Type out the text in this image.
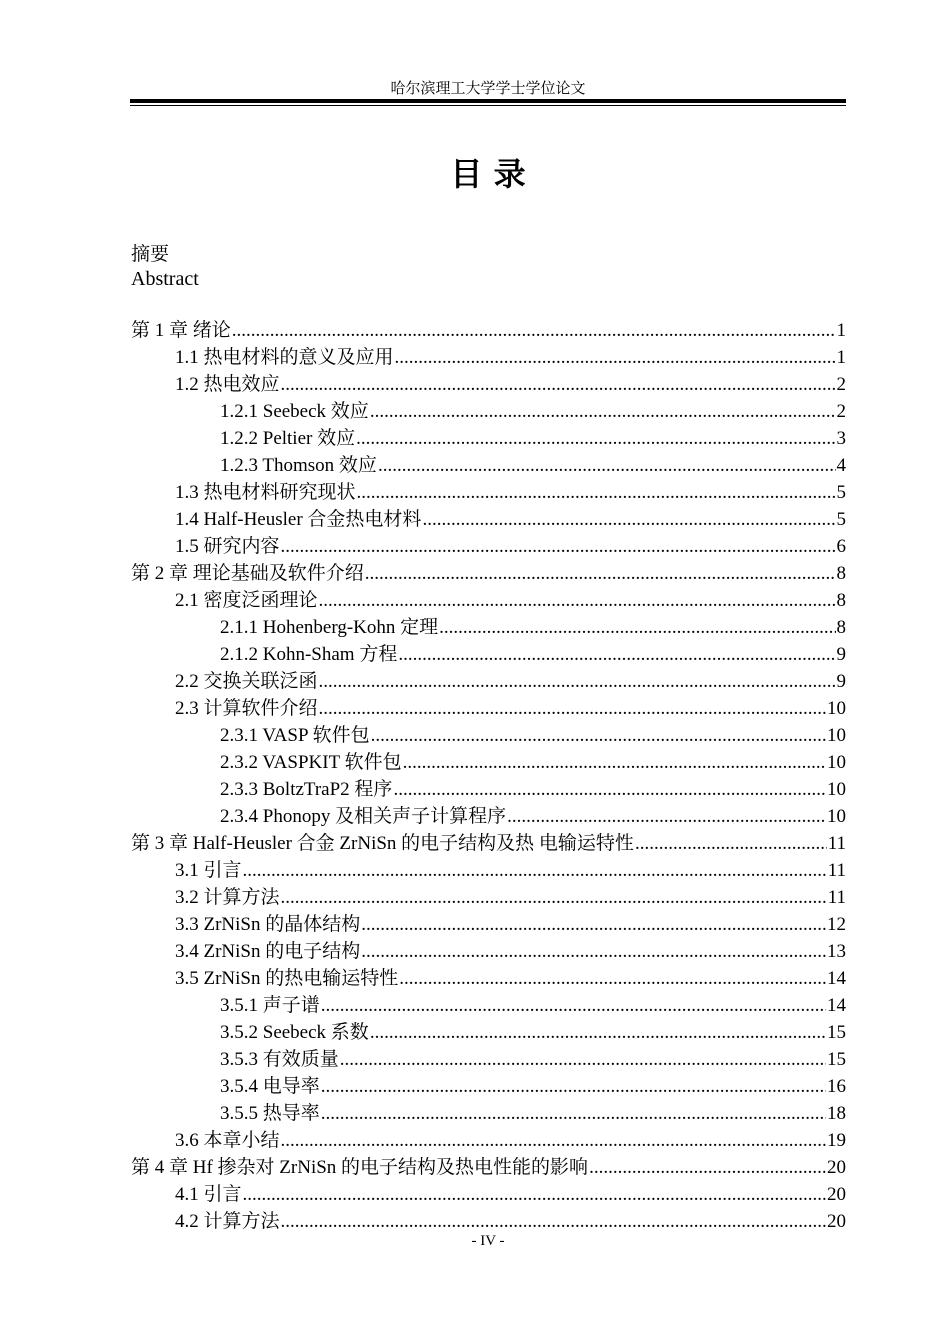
哈尔滨理工大学学士学位论文
目 录
摘要
Abstract
第 1 章 绪论 .....	1
1.1 热电材料的意义及应用 .....	1
1.2 热电效应 .....	2
1.2.1 Seebeck 效应 .....	2
1.2.2 Peltier 效应 .....	3
1.2.3 Thomson 效应 .....	4
1.3 热电材料研究现状 .....	5
1.4 Half-Heusler 合金热电材料 .....	5
1.5 研究内容 .....	6
第 2 章 理论基础及软件介绍 .....	8
2.1 密度泛函理论 .....	8
2.1.1 Hohenberg-Kohn 定理 .....	8
2.1.2 Kohn-Sham 方程 .....	9
2.2 交换关联泛函 .....	9
2.3 计算软件介绍 .....	10
2.3.1 VASP 软件包 .....	10
2.3.2 VASPKIT 软件包 .....	10
2.3.3 BoltzTraP2 程序 .....	10
2.3.4 Phonopy 及相关声子计算程序 .....	10
第 3 章 Half-Heusler 合金 ZrNiSn 的电子结构及热 电输运特性 .....	11
3.1 引言 .....	11
3.2 计算方法 .....	11
3.3 ZrNiSn 的晶体结构 .....	12
3.4 ZrNiSn 的电子结构 .....	13
3.5 ZrNiSn 的热电输运特性 .....	14
3.5.1 声子谱 .....	14
3.5.2 Seebeck 系数 .....	15
3.5.3 有效质量 .....	15
3.5.4 电导率 .....	16
3.5.5 热导率 .....	18
3.6 本章小结 .....	19
第 4 章 Hf 掺杂对 ZrNiSn 的电子结构及热电性能的影响 .....	20
4.1 引言 .....	20
4.2 计算方法 .....	20
- IV -
